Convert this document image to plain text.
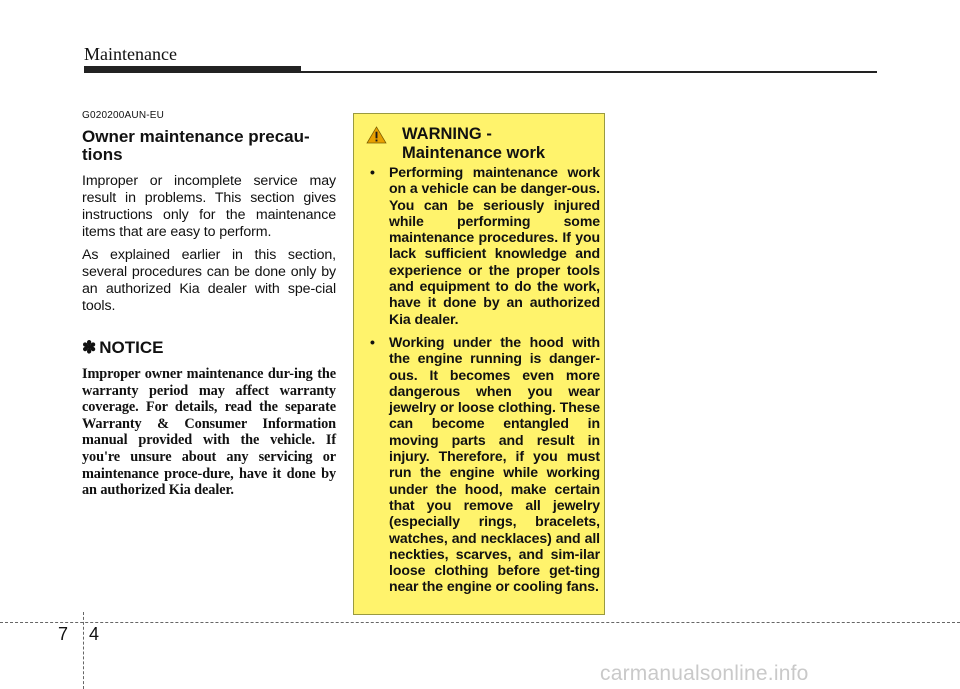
Maintenance

G020200AUN-EU

Owner maintenance precau-tions

Improper or incomplete service may result in problems. This section gives instructions only for the maintenance items that are easy to perform.

As explained earlier in this section, several procedures can be done only by an authorized Kia dealer with spe-cial tools.

✽ NOTICE

Improper owner maintenance dur-ing the warranty period may affect warranty coverage. For details, read the separate Warranty & Consumer Information manual provided with the vehicle. If you're unsure about any servicing or maintenance proce-dure, have it done by an authorized Kia dealer.

WARNING -
Maintenance work
• Performing maintenance work on a vehicle can be danger-ous. You can be seriously injured while performing some maintenance procedures. If you lack sufficient knowledge and experience or the proper tools and equipment to do the work, have it done by an authorized Kia dealer.
• Working under the hood with the engine running is danger-ous. It becomes even more dangerous when you wear jewelry or loose clothing. These can become entangled in moving parts and result in injury. Therefore, if you must run the engine while working under the hood, make certain that you remove all jewelry (especially rings, bracelets, watches, and necklaces) and all neckties, scarves, and sim-ilar loose clothing before get-ting near the engine or cooling fans.
7 4
carmanualsonline.info
